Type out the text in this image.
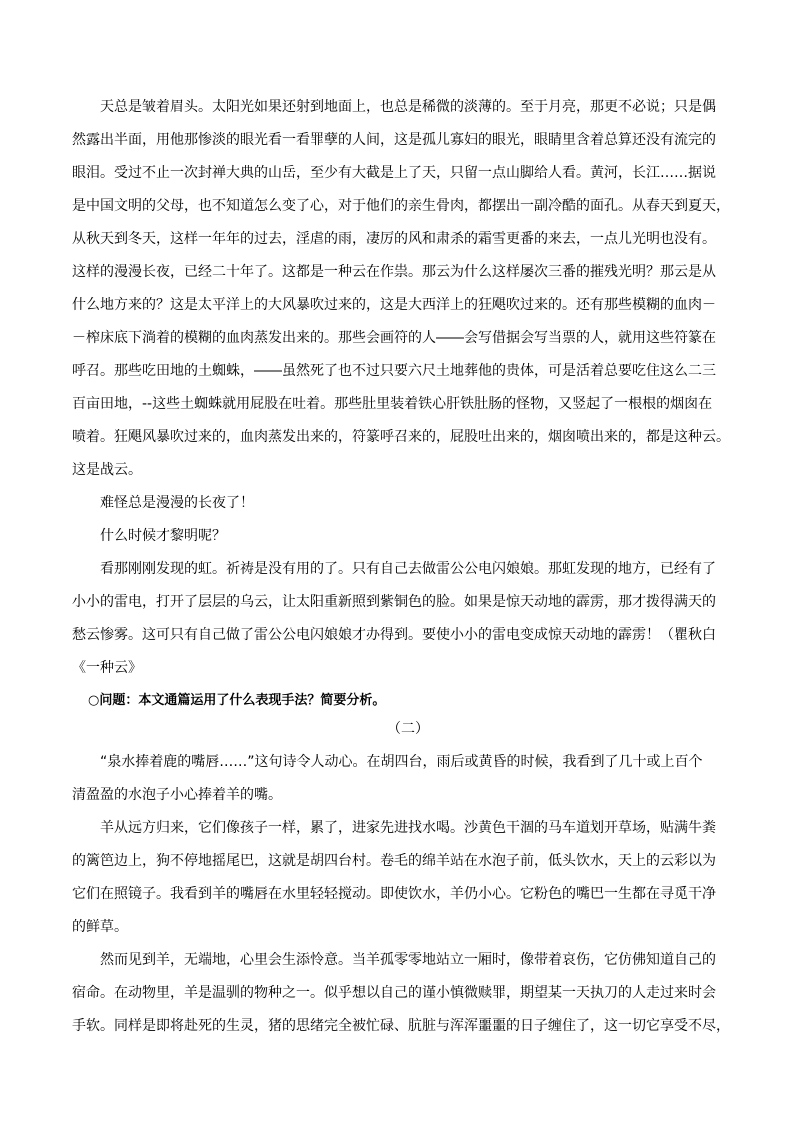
天总是皱着眉头。太阳光如果还射到地面上，也总是稀微的淡薄的。至于月亮，那更不必说；只是偶
然露出半面，用他那惨淡的眼光看一看罪孽的人间，这是孤儿寡妇的眼光，眼睛里含着总算还没有流完的
眼泪。受过不止一次封禅大典的山岳，至少有大截是上了天，只留一点山脚给人看。黄河，长江……据说
是中国文明的父母，也不知道怎么变了心，对于他们的亲生骨肉，都摆出一副冷酷的面孔。从春天到夏天，
从秋天到冬天，这样一年年的过去，淫虐的雨，凄厉的风和肃杀的霜雪更番的来去，一点儿光明也没有。
这样的漫漫长夜，已经二十年了。这都是一种云在作祟。那云为什么这样屡次三番的摧残光明？那云是从
什么地方来的？这是太平洋上的大风暴吹过来的，这是大西洋上的狂飓吹过来的。还有那些模糊的血肉－
－榨床底下淌着的模糊的血肉蒸发出来的。那些会画符的人――会写借据会写当票的人，就用这些符篆在
呼召。那些吃田地的土蜘蛛，――虽然死了也不过只要六尺土地葬他的贵体，可是活着总要吃住这么二三
百亩田地，--这些土蜘蛛就用屁股在吐着。那些肚里装着铁心肝铁肚肠的怪物，又竖起了一根根的烟囱在
喷着。狂飓风暴吹过来的，血肉蒸发出来的，符篆呼召来的，屁股吐出来的，烟囱喷出来的，都是这种云。
这是战云。
难怪总是漫漫的长夜了！
什么时候才黎明呢？
看那刚刚发现的虹。祈祷是没有用的了。只有自己去做雷公公电闪娘娘。那虹发现的地方，已经有了
小小的雷电，打开了层层的乌云，让太阳重新照到紫铜色的脸。如果是惊天动地的霹雳，那才拨得满天的
愁云惨雾。这可只有自己做了雷公公电闪娘娘才办得到。要使小小的雷电变成惊天动地的霹雳！（瞿秋白
《一种云》
○问题：本文通篇运用了什么表现手法？简要分析。
（二）
“泉水捧着鹿的嘴唇……”这句诗令人动心。在胡四台，雨后或黄昏的时候，我看到了几十或上百个
清盈盈的水泡子小心捧着羊的嘴。
羊从远方归来，它们像孩子一样，累了，进家先进找水喝。沙黄色干涸的马车道划开草场，贴满牛粪
的篱笆边上，狗不停地摇尾巴，这就是胡四台村。卷毛的绵羊站在水泡子前，低头饮水，天上的云彩以为
它们在照镜子。我看到羊的嘴唇在水里轻轻搅动。即使饮水，羊仍小心。它粉色的嘴巴一生都在寻觅干净
的鲜草。
然而见到羊，无端地，心里会生添怜意。当羊孤零零地站立一厢时，像带着哀伤，它仿佛知道自己的
宿命。在动物里，羊是温驯的物种之一。似乎想以自己的谨小慎微赎罪，期望某一天执刀的人走过来时会
手软。同样是即将赴死的生灵，猪的思绪完全被忙碌、肮脏与浑浑噩噩的日子缠住了，这一切它享受不尽，
